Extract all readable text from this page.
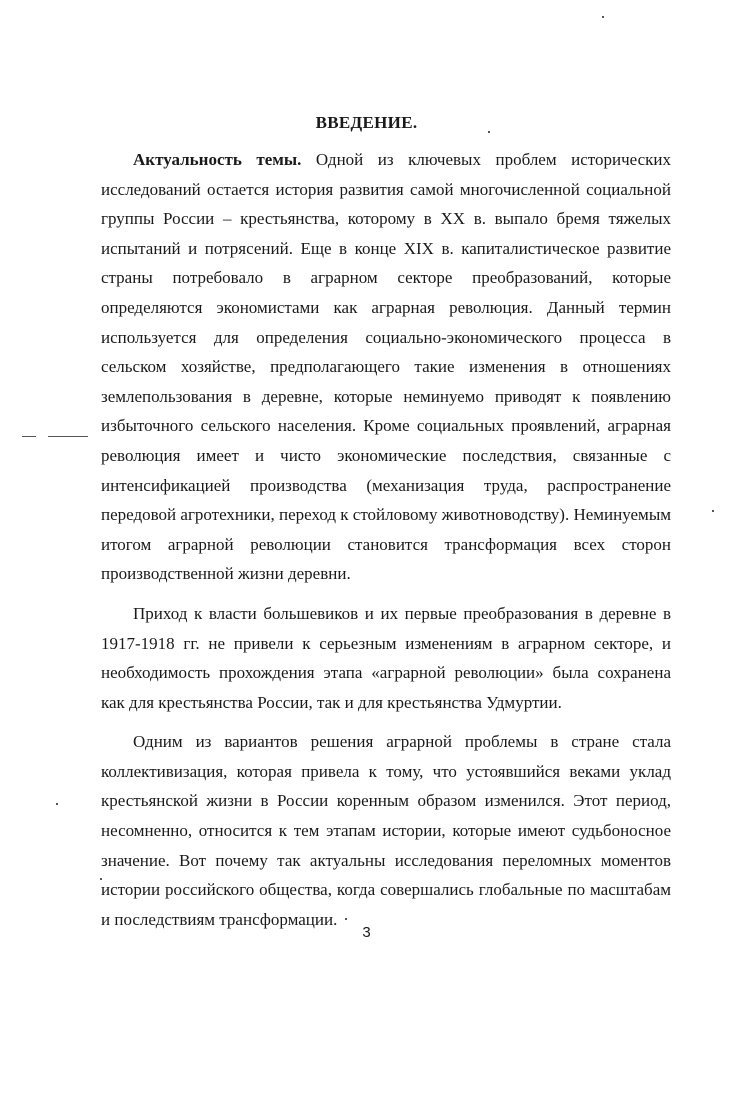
ВВЕДЕНИЕ.

Актуальность темы. Одной из ключевых проблем исторических исследований остается история развития самой многочисленной социальной группы России – крестьянства, которому в XX в. выпало бремя тяжелых испытаний и потрясений. Еще в конце XIX в. капиталистическое развитие страны потребовало в аграрном секторе преобразований, которые определяются экономистами как аграрная революция. Данный термин используется для определения социально-экономического процесса в сельском хозяйстве, предполагающего такие изменения в отношениях землепользования в деревне, которые неминуемо приводят к появлению избыточного сельского населения. Кроме социальных проявлений, аграрная революция имеет и чисто экономические последствия, связанные с интенсификацией производства (механизация труда, распространение передовой агротехники, переход к стойловому животноводству). Неминуемым итогом аграрной революции становится трансформация всех сторон производственной жизни деревни.

Приход к власти большевиков и их первые преобразования в деревне в 1917-1918 гг. не привели к серьезным изменениям в аграрном секторе, и необходимость прохождения этапа «аграрной революции» была сохранена как для крестьянства России, так и для крестьянства Удмуртии.

Одним из вариантов решения аграрной проблемы в стране стала коллективизация, которая привела к тому, что устоявшийся веками уклад крестьянской жизни в России коренным образом изменился. Этот период, несомненно, относится к тем этапам истории, которые имеют судьбоносное значение. Вот почему так актуальны исследования переломных моментов истории российского общества, когда совершались глобальные по масштабам и последствиям трансформации.

3
